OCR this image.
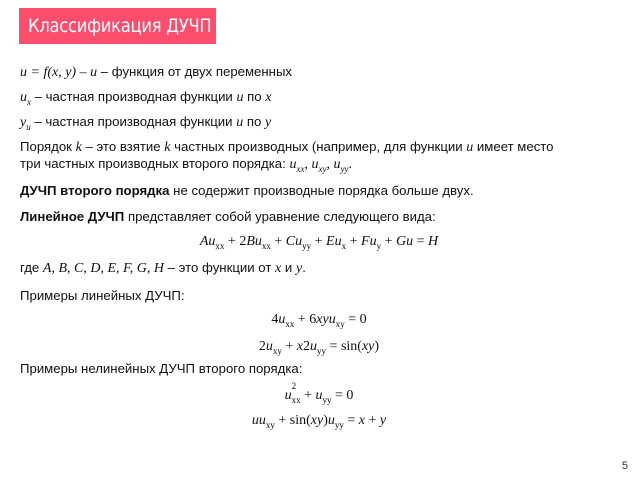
Классификация ДУЧП
u = f(x, y) – u – функция от двух переменных
$u_x$ – частная производная функции u по x
$y_u$ – частная производная функции u по y
Порядок k – это взятие k частных производных (например, для функции u имеет место
три частных производных второго порядка: $u_{xx}$, $u_{xy}$, $u_{yy}$.
ДУЧП второго порядка не содержит производные порядка больше двух.
Линейное ДУЧП представляет собой уравнение следующего вида:
$Au_{xx} + 2Bu_{xx} + Cu_{yy} + Eu_x + Fu_y + Gu = H$
где A, B, C, D, E, F, G, H – это функции от x и y.
Примеры линейных ДУЧП:
$4u_{xx} + 6xyu_{xy} = 0$
$2u_{xy} + x2u_{yy} = \sin(xy)$
Примеры нелинейных ДУЧП второго порядка:
u
2
$_{xx} + u_{yy} = 0$
$uu_{xy} + \sin(xy)u_{yy} = x + y$
5
